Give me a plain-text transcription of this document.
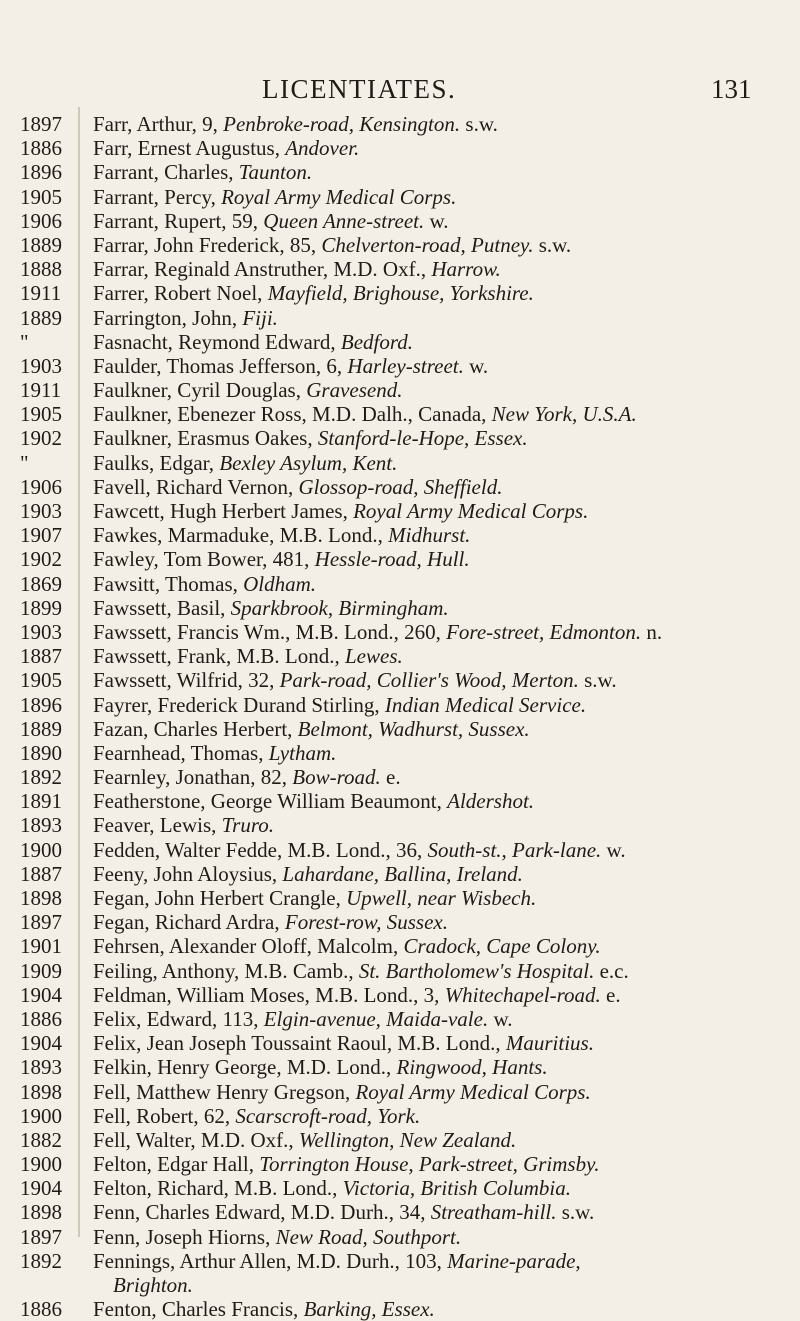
LICENTIATES.	131
1897	Farr, Arthur, 9, Penbroke-road, Kensington. s.w.
1886	Farr, Ernest Augustus, Andover.
1896	Farrant, Charles, Taunton.
1905	Farrant, Percy, Royal Army Medical Corps.
1906	Farrant, Rupert, 59, Queen Anne-street. w.
1889	Farrar, John Frederick, 85, Chelverton-road, Putney. s.w.
1888	Farrar, Reginald Anstruther, M.D. Oxf., Harrow.
1911	Farrer, Robert Noel, Mayfield, Brighouse, Yorkshire.
1889	Farrington, John, Fiji.
"	Fasnacht, Reymond Edward, Bedford.
1903	Faulder, Thomas Jefferson, 6, Harley-street. w.
1911	Faulkner, Cyril Douglas, Gravesend.
1905	Faulkner, Ebenezer Ross, M.D. Dalh., Canada, New York, U.S.A.
1902	Faulkner, Erasmus Oakes, Stanford-le-Hope, Essex.
"	Faulks, Edgar, Bexley Asylum, Kent.
1906	Favell, Richard Vernon, Glossop-road, Sheffield.
1903	Fawcett, Hugh Herbert James, Royal Army Medical Corps.
1907	Fawkes, Marmaduke, M.B. Lond., Midhurst.
1902	Fawley, Tom Bower, 481, Hessle-road, Hull.
1869	Fawsitt, Thomas, Oldham.
1899	Fawssett, Basil, Sparkbrook, Birmingham.
1903	Fawssett, Francis Wm., M.B. Lond., 260, Fore-street, Edmonton. n.
1887	Fawssett, Frank, M.B. Lond., Lewes.
1905	Fawssett, Wilfrid, 32, Park-road, Collier's Wood, Merton. s.w.
1896	Fayrer, Frederick Durand Stirling, Indian Medical Service.
1889	Fazan, Charles Herbert, Belmont, Wadhurst, Sussex.
1890	Fearnhead, Thomas, Lytham.
1892	Fearnley, Jonathan, 82, Bow-road. e.
1891	Featherstone, George William Beaumont, Aldershot.
1893	Feaver, Lewis, Truro.
1900	Fedden, Walter Fedde, M.B. Lond., 36, South-st., Park-lane. w.
1887	Feeny, John Aloysius, Lahardane, Ballina, Ireland.
1898	Fegan, John Herbert Crangle, Upwell, near Wisbech.
1897	Fegan, Richard Ardra, Forest-row, Sussex.
1901	Fehrsen, Alexander Oloff, Malcolm, Cradock, Cape Colony.
1909	Feiling, Anthony, M.B. Camb., St. Bartholomew's Hospital. e.c.
1904	Feldman, William Moses, M.B. Lond., 3, Whitechapel-road. e.
1886	Felix, Edward, 113, Elgin-avenue, Maida-vale. w.
1904	Felix, Jean Joseph Toussaint Raoul, M.B. Lond., Mauritius.
1893	Felkin, Henry George, M.D. Lond., Ringwood, Hants.
1898	Fell, Matthew Henry Gregson, Royal Army Medical Corps.
1900	Fell, Robert, 62, Scarscroft-road, York.
1882	Fell, Walter, M.D. Oxf., Wellington, New Zealand.
1900	Felton, Edgar Hall, Torrington House, Park-street, Grimsby.
1904	Felton, Richard, M.B. Lond., Victoria, British Columbia.
1898	Fenn, Charles Edward, M.D. Durh., 34, Streatham-hill. s.w.
1897	Fenn, Joseph Hiorns, New Road, Southport.
1892	Fennings, Arthur Allen, M.D. Durh., 103, Marine-parade,
Brighton.
1886	Fenton, Charles Francis, Barking, Essex.
